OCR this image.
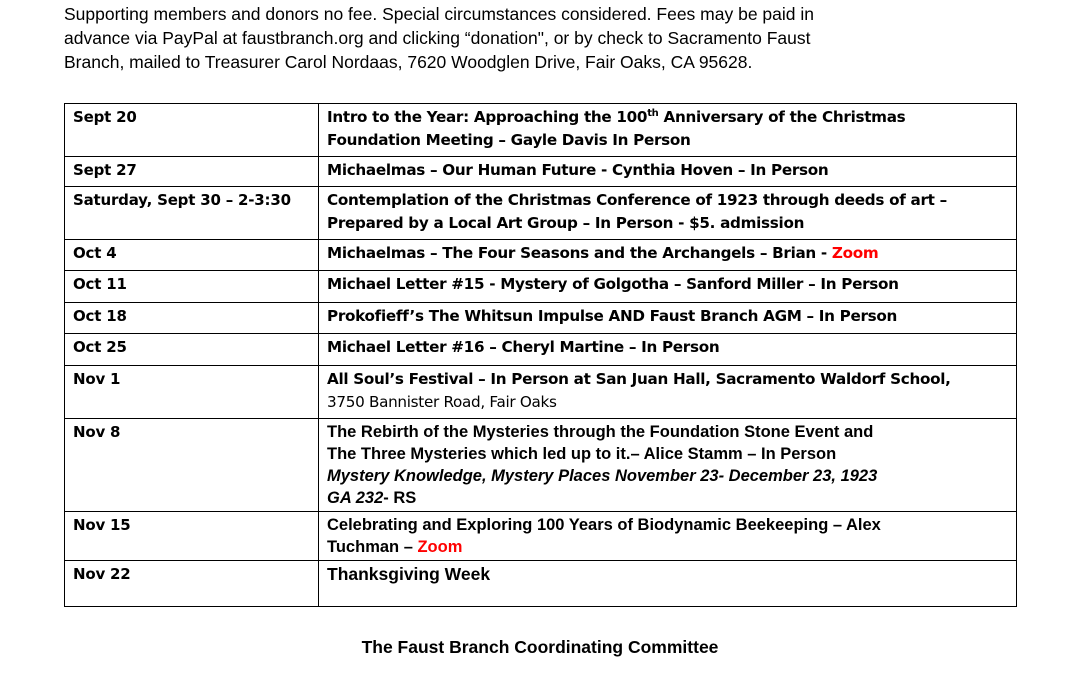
Supporting members and donors no fee. Special circumstances considered. Fees may be paid in

advance via PayPal at faustbranch.org and clicking “donation", or by check to Sacramento Faust

Branch, mailed to Treasurer Carol Nordaas, 7620 Woodglen Drive, Fair Oaks, CA 95628.

Sept 20	Intro to the Year: Approaching the 100th Anniversary of the Christmas
Foundation Meeting – Gayle Davis In Person

Sept 27	Michaelmas – Our Human Future - Cynthia Hoven – In Person
Saturday, Sept 30 – 2-3:30	Contemplation of the Christmas Conference of 1923 through deeds of art –
Prepared by a Local Art Group – In Person - $5. admission

Oct 4	Michaelmas – The Four Seasons and the Archangels – Brian - Zoom
Oct 11	Michael Letter #15 - Mystery of Golgotha – Sanford Miller – In Person
Oct 18	Prokofieff’s The Whitsun Impulse AND Faust Branch AGM – In Person
Oct 25	Michael Letter #16 – Cheryl Martine – In Person
Nov 1	All Soul’s Festival – In Person at San Juan Hall, Sacramento Waldorf School,
3750 Bannister Road, Fair Oaks

Nov 8	The Rebirth of the Mysteries through the Foundation Stone Event and
The Three Mysteries which led up to it.– Alice Stamm – In Person
Mystery Knowledge, Mystery Places November 23- December 23, 1923
GA 232- RS

Nov 15	Celebrating and Exploring 100 Years of Biodynamic Beekeeping – Alex
Tuchman – Zoom

Nov 22	Thanksgiving Week
The Faust Branch Coordinating Committee
